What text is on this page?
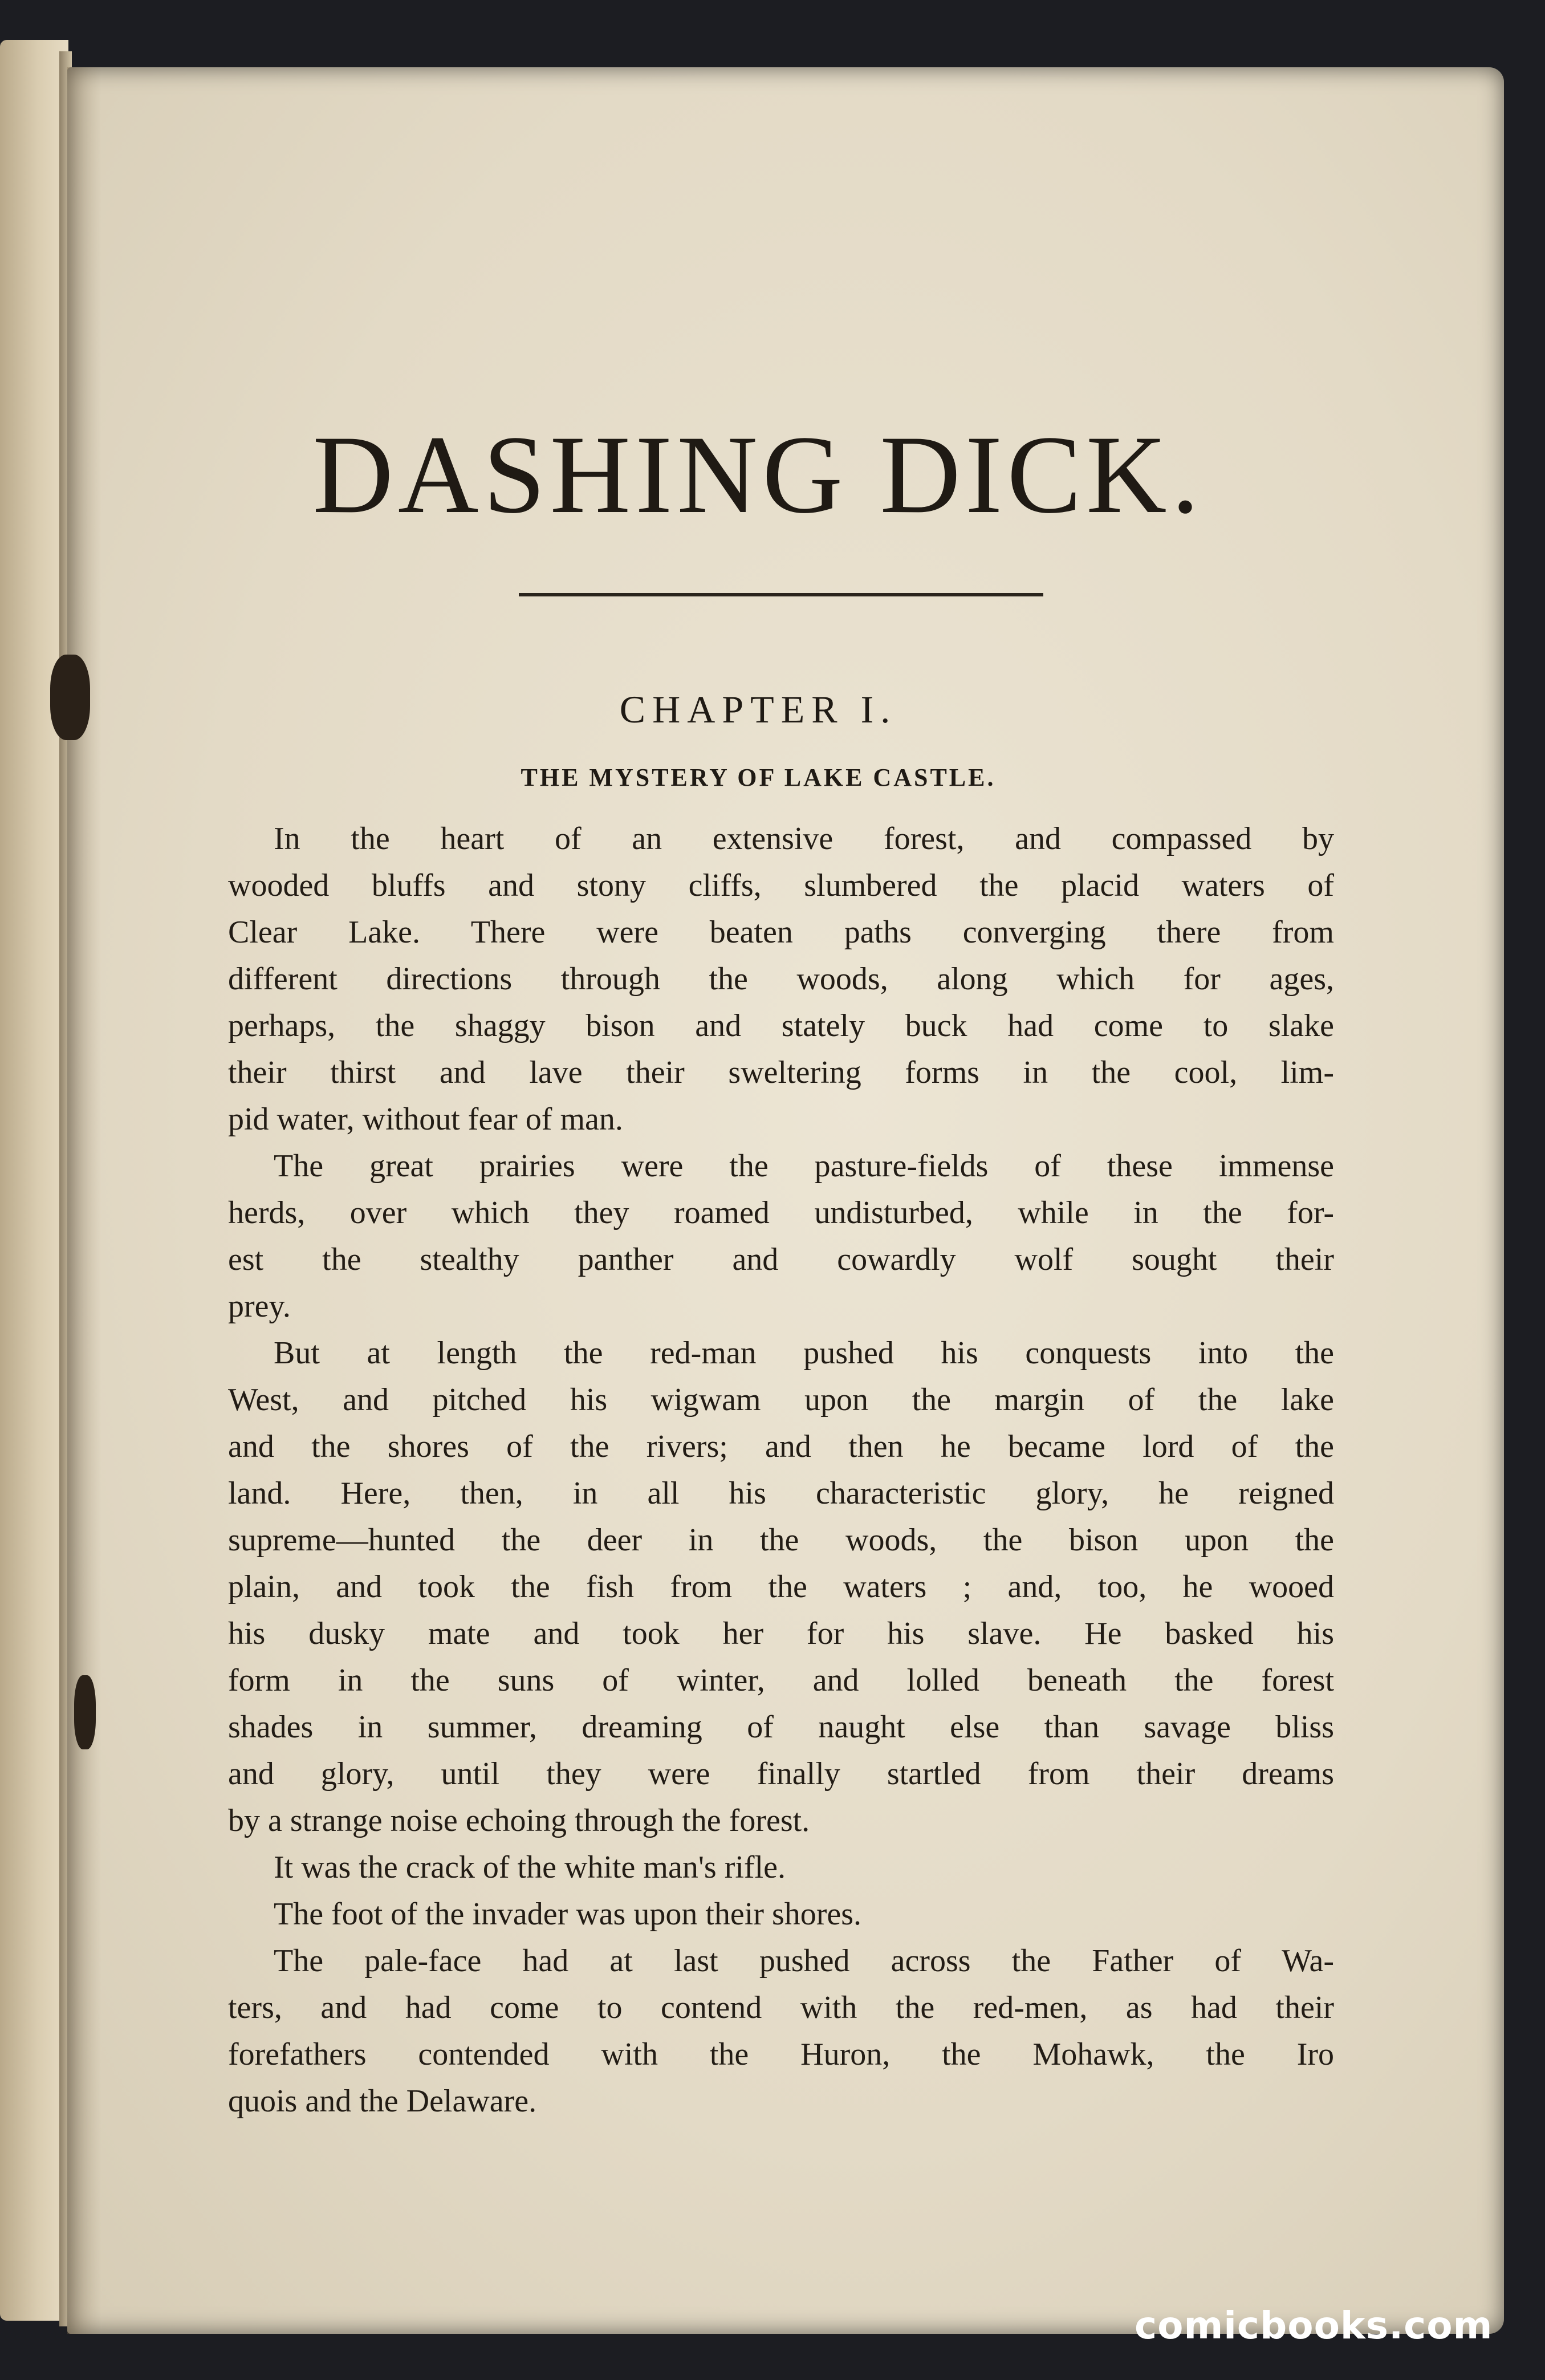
DASHING DICK.
CHAPTER I.
THE MYSTERY OF LAKE CASTLE.
In the heart of an extensive forest, and compassed by
wooded bluffs and stony cliffs, slumbered the placid waters of
Clear Lake. There were beaten paths converging there from
different directions through the woods, along which for ages,
perhaps, the shaggy bison and stately buck had come to slake
their thirst and lave their sweltering forms in the cool, lim-
pid water, without fear of man.
The great prairies were the pasture-fields of these immense
herds, over which they roamed undisturbed, while in the for-
est the stealthy panther and cowardly wolf sought their
prey.
But at length the red-man pushed his conquests into the
West, and pitched his wigwam upon the margin of the lake
and the shores of the rivers; and then he became lord of the
land. Here, then, in all his characteristic glory, he reigned
supreme—hunted the deer in the woods, the bison upon the
plain, and took the fish from the waters ; and, too, he wooed
his dusky mate and took her for his slave. He basked his
form in the suns of winter, and lolled beneath the forest
shades in summer, dreaming of naught else than savage bliss
and glory, until they were finally startled from their dreams
by a strange noise echoing through the forest.
It was the crack of the white man's rifle.
The foot of the invader was upon their shores.
The pale-face had at last pushed across the Father of Wa-
ters, and had come to contend with the red-men, as had their
forefathers contended with the Huron, the Mohawk, the Iro
quois and the Delaware.
comicbooks.com
